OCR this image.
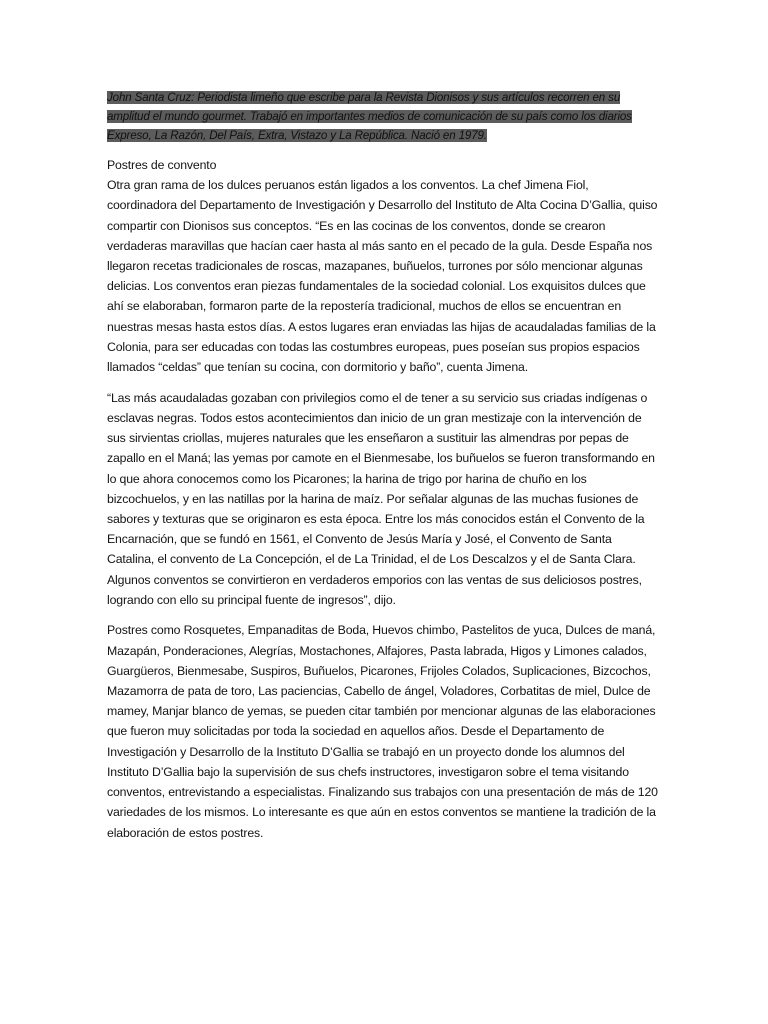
John Santa Cruz: Periodista limeño que escribe para la Revista Dionisos y sus artículos recorren en su amplitud el mundo gourmet. Trabajó en importantes medios de comunicación de su país como los diarios Expreso, La Razón, Del País, Extra, Vistazo y La República. Nació en 1979.

Postres de convento
Otra gran rama de los dulces peruanos están ligados a los conventos. La chef Jimena Fiol, coordinadora del Departamento de Investigación y Desarrollo del Instituto de Alta Cocina D’Gallia, quiso compartir con Dionisos sus conceptos. “Es en las cocinas de los conventos, donde se crearon verdaderas maravillas que hacían caer hasta al más santo en el pecado de la gula. Desde España nos llegaron recetas tradicionales de roscas, mazapanes, buñuelos, turrones por sólo mencionar algunas delicias. Los conventos eran piezas fundamentales de la sociedad colonial. Los exquisitos dulces que ahí se elaboraban, formaron parte de la repostería tradicional, muchos de ellos se encuentran en nuestras mesas hasta estos días. A estos lugares eran enviadas las hijas de acaudaladas familias de la Colonia, para ser educadas con todas las costumbres europeas, pues poseían sus propios espacios llamados “celdas” que tenían su cocina, con dormitorio y baño”, cuenta Jimena.

“Las más acaudaladas gozaban con privilegios como el de tener a su servicio sus criadas indígenas o esclavas negras. Todos estos acontecimientos dan inicio de un gran mestizaje con la intervención de sus sirvientas criollas, mujeres naturales que les enseñaron a sustituir las almendras por pepas de zapallo en el Maná; las yemas por camote en el Bienmesabe, los buñuelos se fueron transformando en lo que ahora conocemos como los Picarones; la harina de trigo por harina de chuño en los bizcochuelos, y en las natillas por la harina de maíz. Por señalar algunas de las muchas fusiones de sabores y texturas que se originaron es esta época. Entre los más conocidos están el Convento de la Encarnación, que se fundó en 1561, el Convento de Jesús María y José, el Convento de Santa Catalina, el convento de La Concepción, el de La Trinidad, el de Los Descalzos y el de Santa Clara. Algunos conventos se convirtieron en verdaderos emporios con las ventas de sus deliciosos postres, logrando con ello su principal fuente de ingresos”, dijo.

Postres como Rosquetes, Empanaditas de Boda, Huevos chimbo, Pastelitos de yuca, Dulces de maná, Mazapán, Ponderaciones, Alegrías, Mostachones, Alfajores, Pasta labrada, Higos y Limones calados, Guargüeros, Bienmesabe, Suspiros, Buñuelos, Picarones, Frijoles Colados, Suplicaciones, Bizcochos, Mazamorra de pata de toro, Las paciencias, Cabello de ángel, Voladores, Corbatitas de miel, Dulce de mamey, Manjar blanco de yemas, se pueden citar también por mencionar algunas de las elaboraciones que fueron muy solicitadas por toda la sociedad en aquellos años. Desde el Departamento de Investigación y Desarrollo de la Instituto D’Gallia se trabajó en un proyecto donde los alumnos del Instituto D’Gallia bajo la supervisión de sus chefs instructores, investigaron sobre el tema visitando conventos, entrevistando a especialistas. Finalizando sus trabajos con una presentación de más de 120 variedades de los mismos. Lo interesante es que aún en estos conventos se mantiene la tradición de la elaboración de estos postres.
